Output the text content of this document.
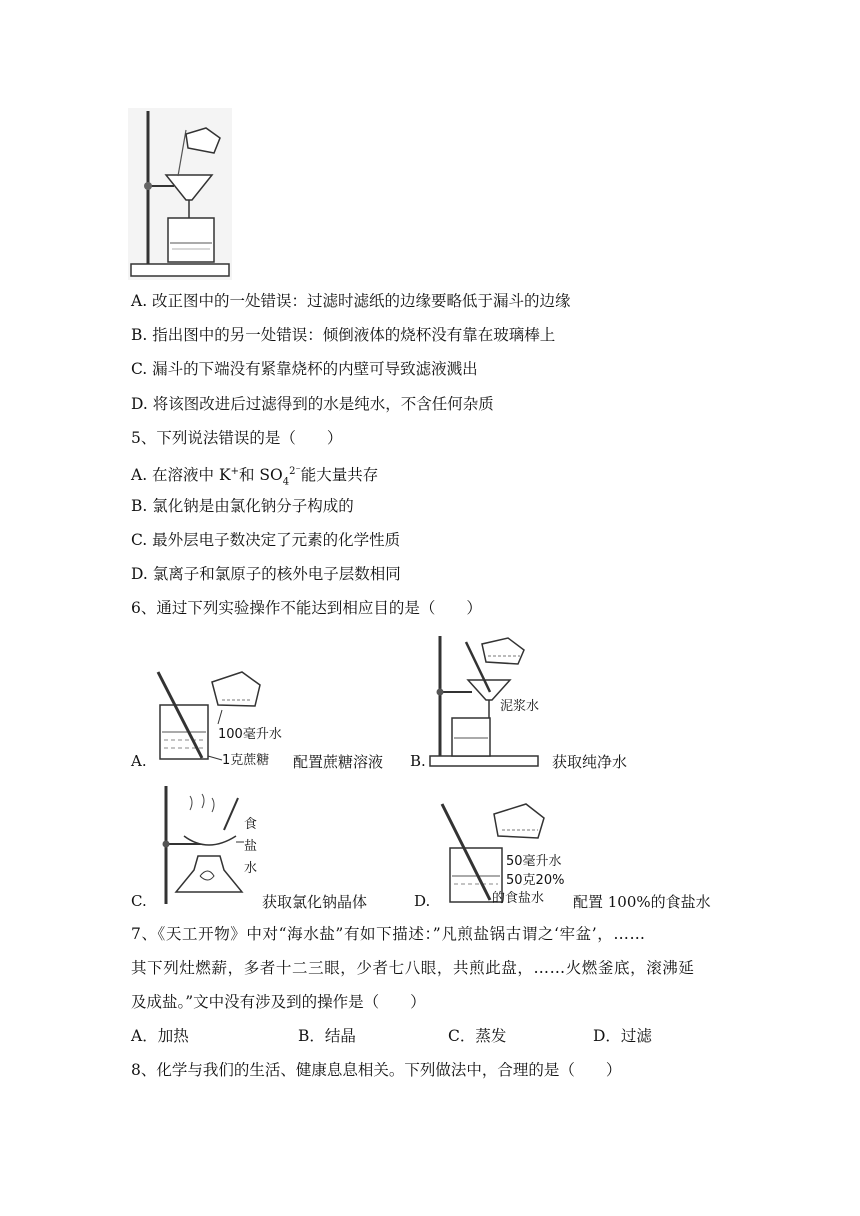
A. 改正图中的一处错误：过滤时滤纸的边缘要略低于漏斗的边缘
B. 指出图中的另一处错误：倾倒液体的烧杯没有靠在玻璃棒上
C. 漏斗的下端没有紧靠烧杯的内壁可导致滤液溅出
D. 将该图改进后过滤得到的水是纯水，不含任何杂质
5、下列说法错误的是（　　）
A. 在溶液中 K+和 $SO_4^{2^-}$能大量共存
B. 氯化钠是由氯化钠分子构成的
C. 最外层电子数决定了元素的化学性质
D. 氯离子和氯原子的核外电子层数相同
6、通过下列实验操作不能达到相应目的是（　　）
A.
100毫升水
1克蔗糖 配置蔗糖溶液 B.
泥浆水
获取纯净水
C.
食
盐
水
获取氯化钠晶体	D.
50毫升水
50克20%
的食盐水 配置 100%的食盐水
7、《天工开物》中对“海水盐”有如下描述：”凡煎盐锅古谓之‘牢盆’，……
其下列灶燃薪，多者十二三眼，少者七八眼，共煎此盘，……火燃釜底，滚沸延
及成盐。”文中没有涉及到的操作是（　　）
A．加热	B．结晶	C．蒸发	D．过滤
8、化学与我们的生活、健康息息相关。下列做法中，合理的是（　　）
